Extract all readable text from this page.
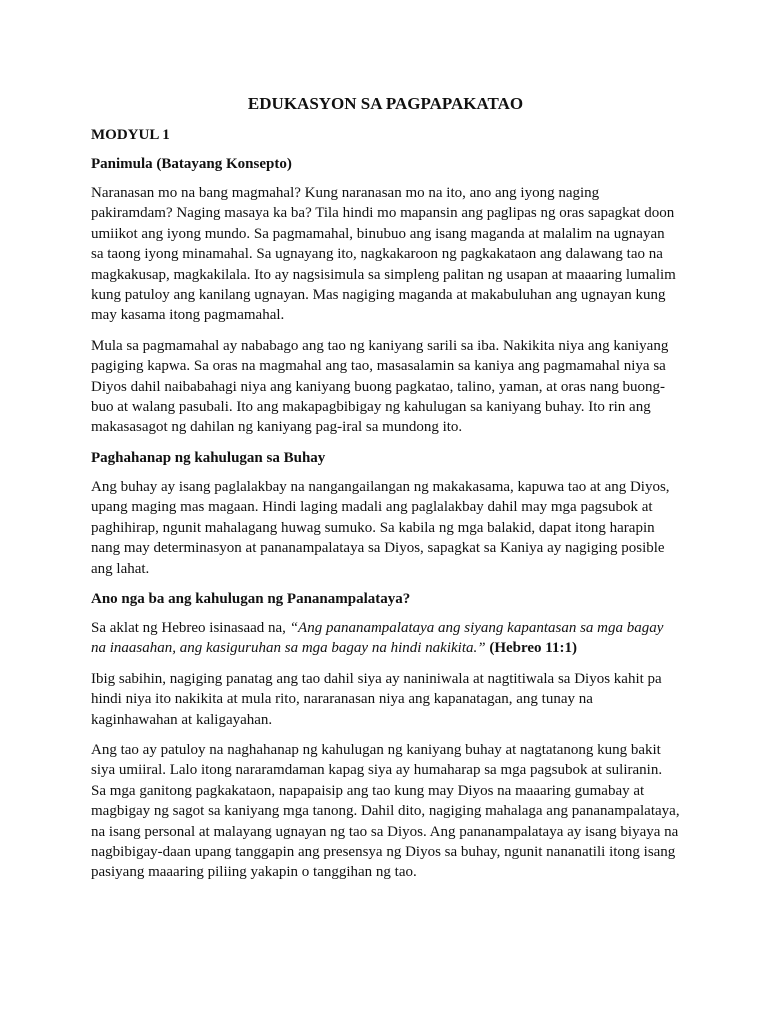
EDUKASYON SA PAGPAPAKATAO
MODYUL 1
Panimula (Batayang Konsepto)

Naranasan mo na bang magmahal? Kung naranasan mo na ito, ano ang iyong naging pakiramdam? Naging masaya ka ba? Tila hindi mo mapansin ang paglipas ng oras sapagkat doon umiikot ang iyong mundo. Sa pagmamahal, binubuo ang isang maganda at malalim na ugnayan sa taong iyong minamahal. Sa ugnayang ito, nagkakaroon ng pagkakataon ang dalawang tao na magkakusap, magkakilala. Ito ay nagsisimula sa simpleng palitan ng usapan at maaaring lumalim kung patuloy ang kanilang ugnayan. Mas nagiging maganda at makabuluhan ang ugnayan kung may kasama itong pagmamahal.

Mula sa pagmamahal ay nababago ang tao ng kaniyang sarili sa iba. Nakikita niya ang kaniyang pagiging kapwa. Sa oras na magmahal ang tao, masasalamin sa kaniya ang pagmamahal niya sa Diyos dahil naibabahagi niya ang kaniyang buong pagkatao, talino, yaman, at oras nang buong-buo at walang pasubali. Ito ang makapagbibigay ng kahulugan sa kaniyang buhay. Ito rin ang makasasagot ng dahilan ng kaniyang pag-iral sa mundong ito.

Paghahanap ng kahulugan sa Buhay

Ang buhay ay isang paglalakbay na nangangailangan ng makakasama, kapuwa tao at ang Diyos, upang maging mas magaan. Hindi laging madali ang paglalakbay dahil may mga pagsubok at paghihirap, ngunit mahalagang huwag sumuko. Sa kabila ng mga balakid, dapat itong harapin nang may determinasyon at pananampalataya sa Diyos, sapagkat sa Kaniya ay nagiging posible ang lahat.

Ano nga ba ang kahulugan ng Pananampalataya?

Sa aklat ng Hebreo isinasaad na, “Ang pananampalataya ang siyang kapantasan sa mga bagay na inaasahan, ang kasiguruhan sa mga bagay na hindi nakikita.” (Hebreo 11:1)

Ibig sabihin, nagiging panatag ang tao dahil siya ay naniniwala at nagtitiwala sa Diyos kahit pa hindi niya ito nakikita at mula rito, nararanasan niya ang kapanatagan, ang tunay na kaginhawahan at kaligayahan.

Ang tao ay patuloy na naghahanap ng kahulugan ng kaniyang buhay at nagtatanong kung bakit siya umiiral. Lalo itong nararamdaman kapag siya ay humaharap sa mga pagsubok at suliranin. Sa mga ganitong pagkakataon, napapaisip ang tao kung may Diyos na maaaring gumabay at magbigay ng sagot sa kaniyang mga tanong. Dahil dito, nagiging mahalaga ang pananampalataya, na isang personal at malayang ugnayan ng tao sa Diyos. Ang pananampalataya ay isang biyaya na nagbibigay-daan upang tanggapin ang presensya ng Diyos sa buhay, ngunit nananatili itong isang pasiyang maaaring piliing yakapin o tanggihan ng tao.
